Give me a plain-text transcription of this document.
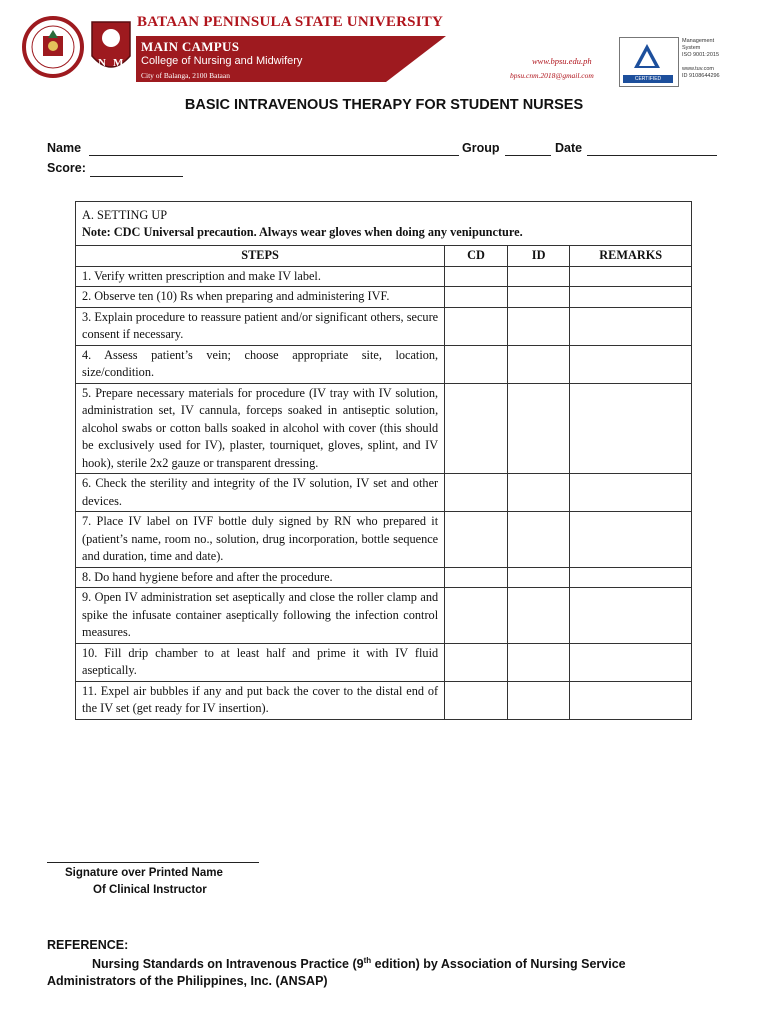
N M
BATAAN PENINSULA STATE UNIVERSITY
MAIN CAMPUS
College of Nursing and Midwifery
City of Balanga, 2100 Bataan
www.bpsu.edu.ph
bpsu.cnm.2018@gmail.com	CERTIFIED
Management
System
ISO 9001:2015

www.tuv.com
ID 9108644296
BASIC INTRAVENOUS THERAPY FOR STUDENT NURSES
Name	Group	Date
Score:
A. SETTING UP
Note: CDC Universal precaution. Always wear gloves when doing any venipuncture.			

STEPS	CD	ID	REMARKS
1. Verify written prescription and make IV label.			
2. Observe ten (10) Rs when preparing and administering IVF.			
3. Explain procedure to reassure patient and/or significant others, secure consent if necessary.			
4. Assess patient’s vein; choose appropriate site, location, size/condition.			
5. Prepare necessary materials for procedure (IV tray with IV solution, administration set, IV cannula, forceps soaked in antiseptic solution, alcohol swabs or cotton balls soaked in alcohol with cover (this should be exclusively used for IV), plaster, tourniquet, gloves, splint, and IV hook), sterile 2x2 gauze or transparent dressing.			
6. Check the sterility and integrity of the IV solution, IV set and other devices.			
7. Place IV label on IVF bottle duly signed by RN who prepared it (patient’s name, room no., solution, drug incorporation, bottle sequence and duration, time and date).			
8. Do hand hygiene before and after the procedure.			
9. Open IV administration set aseptically and close the roller clamp and spike the infusate container aseptically following the infection control measures.			
10. Fill drip chamber to at least half and prime it with IV fluid aseptically.			
11. Expel air bubbles if any and put back the cover to the distal end of the IV set (get ready for IV insertion).			
Signature over Printed Name
Of Clinical Instructor
REFERENCE:
Nursing Standards on Intravenous Practice (9th edition) by Association of Nursing Service
Administrators of the Philippines, Inc. (ANSAP)
